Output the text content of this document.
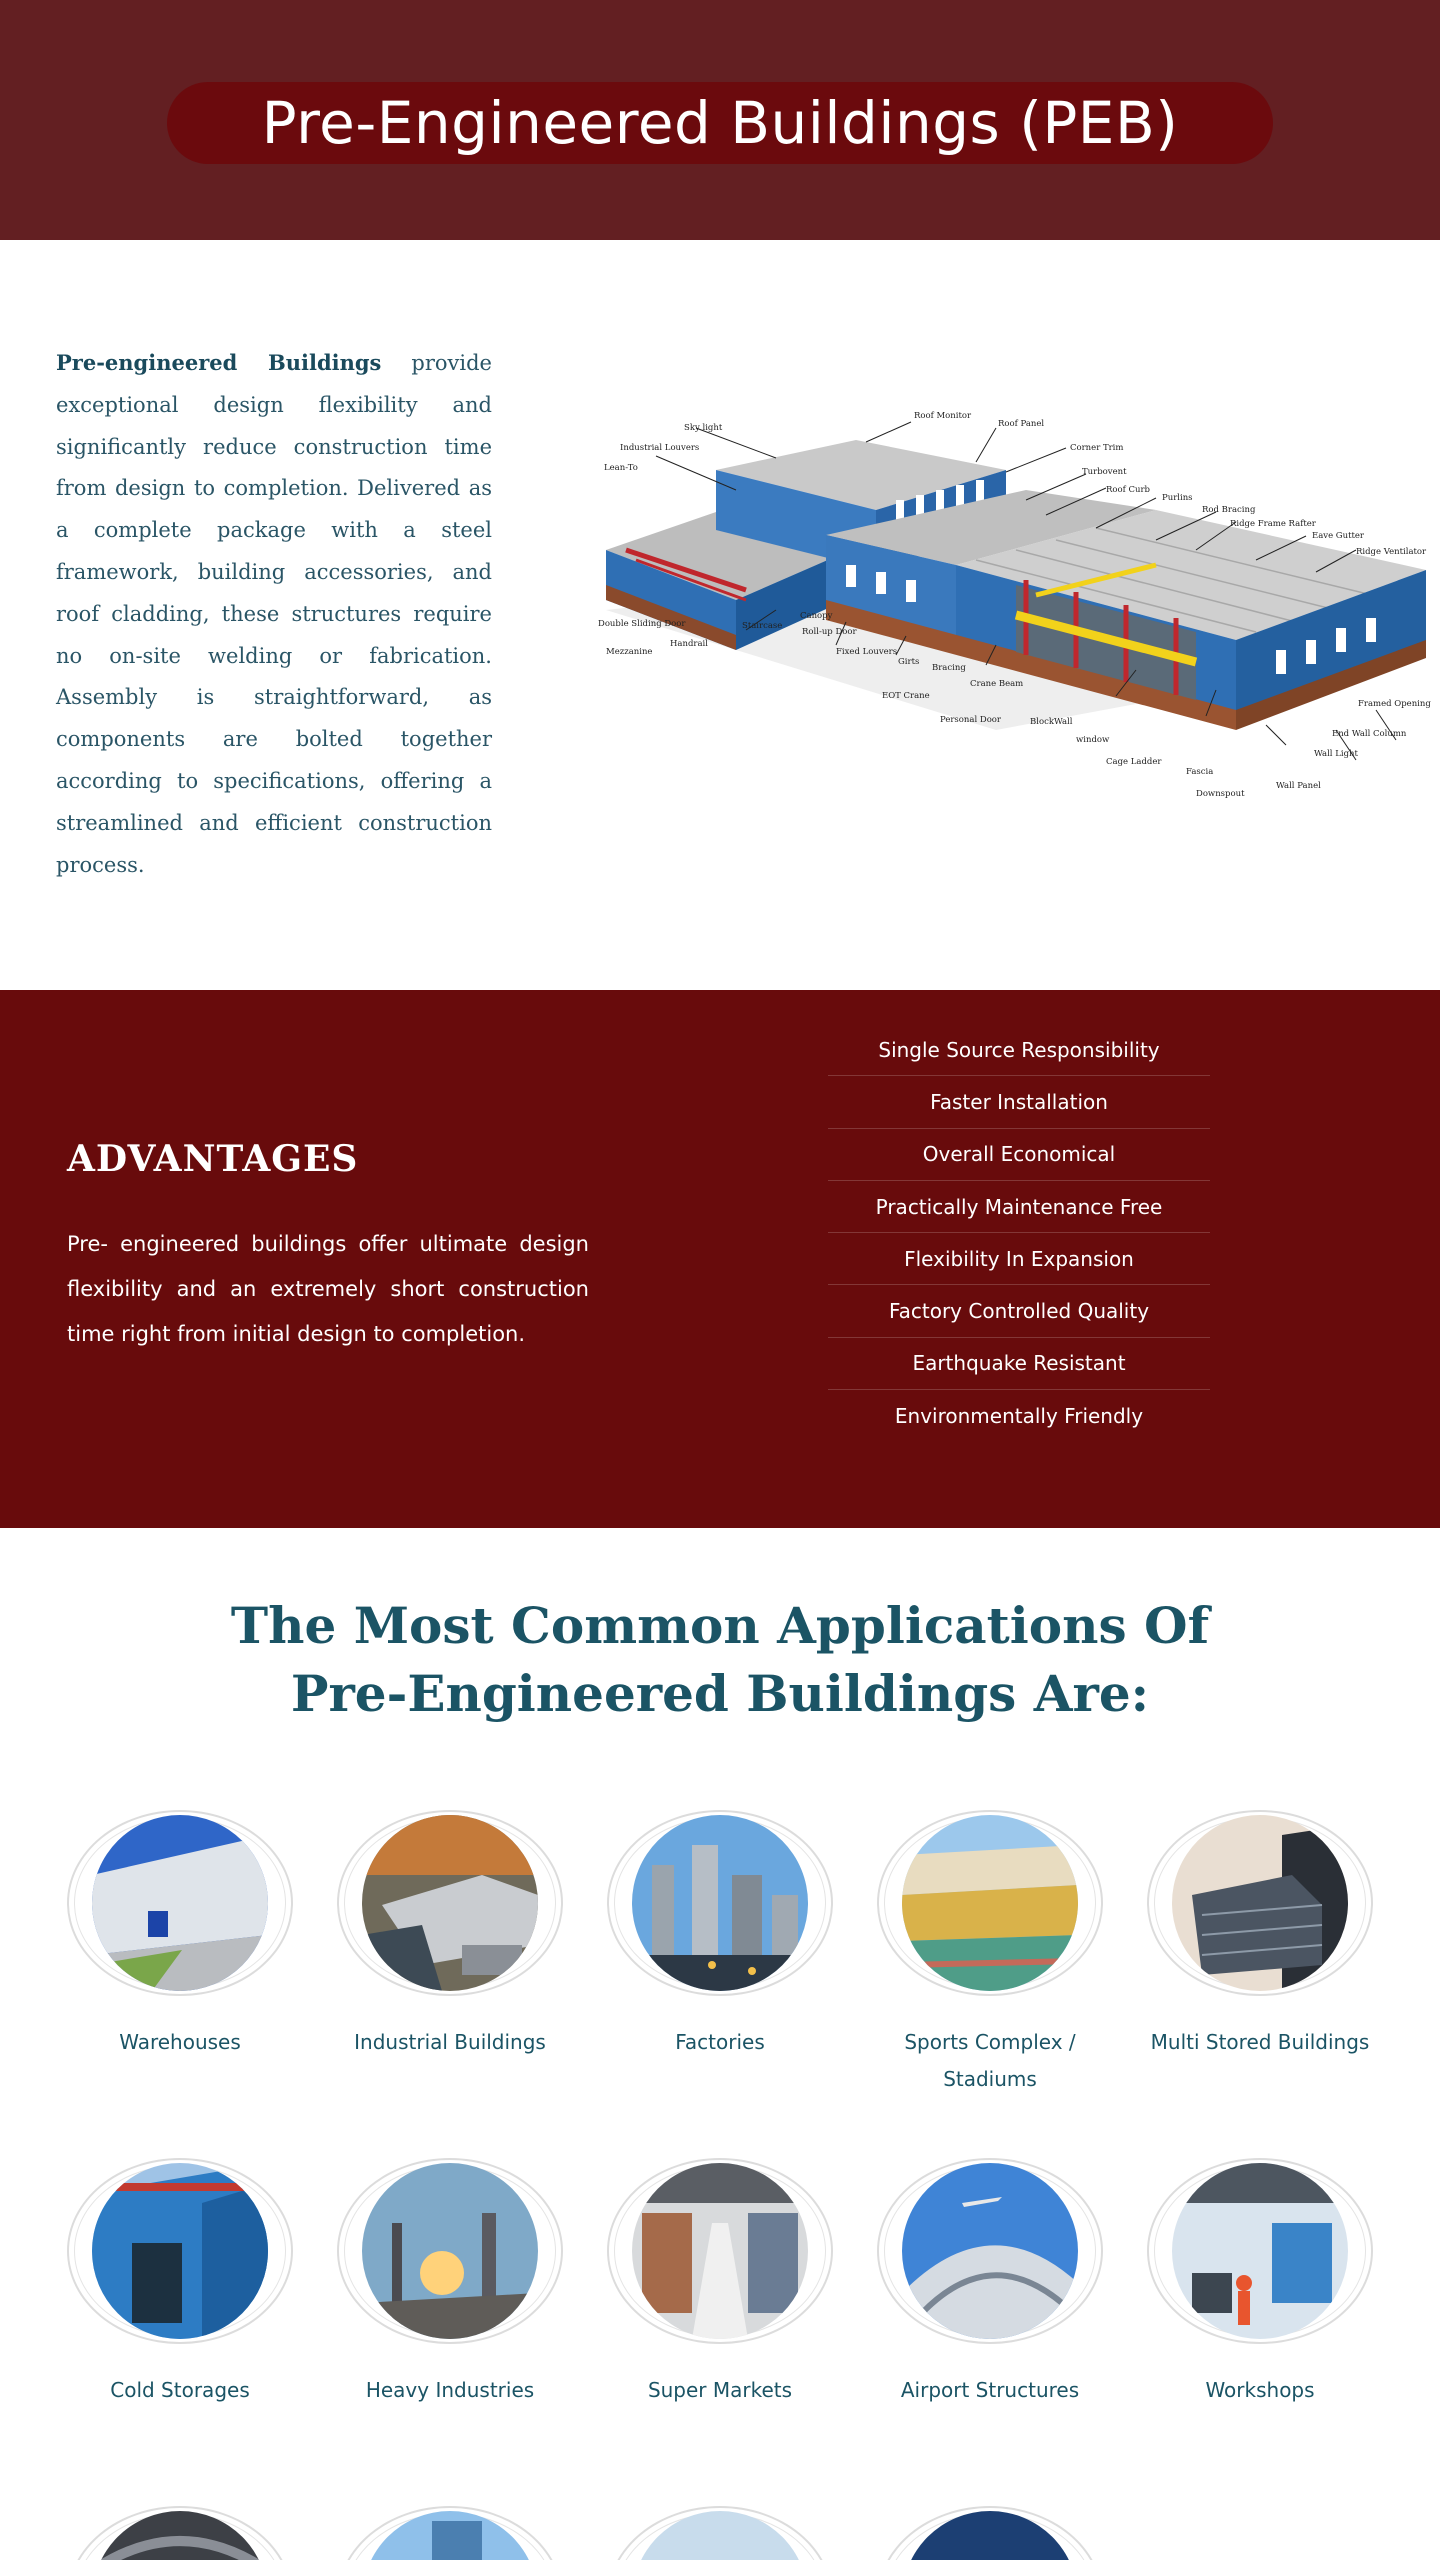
Pre-Engineered Buildings (PEB)

Pre-engineered Buildings provide exceptional design flexibility and significantly reduce construction time from design to completion. Delivered as a complete package with a steel framework, building accessories, and roof cladding, these structures require no on-site welding or fabrication. Assembly is straightforward, as components are bolted together according to specifications, offering a streamlined and efficient construction process.

Roof Monitor
Roof Panel
Sky light
Industrial Louvers	Corner Trim
Lean-To	Turbovent
Roof Curb
Purlins
Rod Bracing
Ridge Frame Rafter
Eave Gutter
Ridge Ventilator
Canopy
Roll-up Door
Staircase
Double Sliding Door
Handrail
Mezzanine	Fixed Louvers
Girts
Bracing
Crane Beam
EOT Crane
Personal Door	BlockWall
window
Cage Ladder
Fascia
Downspout
Wall Panel
Wall Light
End Wall Column
Framed Opening
ADVANTAGES

Pre- engineered buildings offer ultimate design flexibility and an extremely short construction time right from initial design to completion.

Single Source Responsibility
Faster Installation
Overall Economical
Practically Maintenance Free
Flexibility In Expansion
Factory Controlled Quality
Earthquake Resistant
Environmentally Friendly
The Most Common Applications Of
Pre-Engineered Buildings Are:
Warehouses	Industrial Buildings	Factories	Sports Complex / Stadiums
Multi Stored Buildings
Cold Storages	Heavy Industries	Super Markets	Airport Structures	Workshops
